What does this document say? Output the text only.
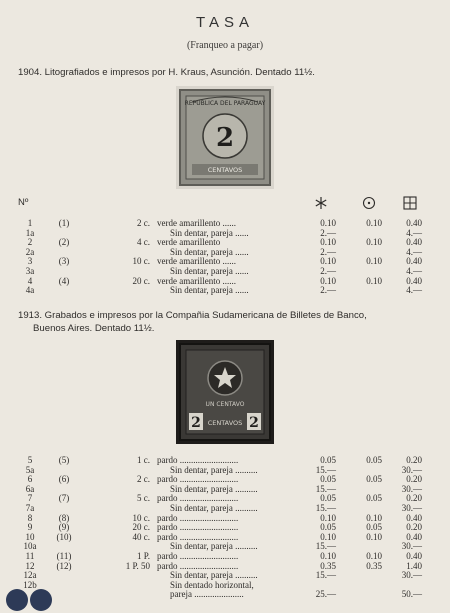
TASA
(Franqueo a pagar)
1904. Litografiados e impresos por H. Kraus, Asunción. Dentado 11½.
REPUBLICA DEL PARAGUAY
2
CENTAVOS
Nº
1	(1)	2 c. verde amarillento ......	0.10	0.10	0.40
1a	Sin dentar, pareja ......	2.—	4.—
2	(2)	4 c. verde amarillento	0.10	0.10	0.40
2a	Sin dentar, pareja ......	2.—	4.—
3	(3)	10 c. verde amarillento ......	0.10	0.10	0.40
3a	Sin dentar, pareja ......	2.—	4.—
4	(4)	20 c. verde amarillento ......	0.10	0.10	0.40
4a	Sin dentar, pareja ......	2.—	4.—
1913. Grabados e impresos por la Compañia Sudamericana de Billetes de Banco,
Buenos Aires. Dentado 11½.
UN CENTAVO
2	2
CENTAVOS
5	(5)	1 c. pardo ..........................	0.05	0.05	0.20
5a	Sin dentar, pareja ..........	15.—	30.—
6	(6)	2 c. pardo ..........................	0.05	0.05	0.20
6a	Sin dentar, pareja ..........	15.—	30.—
7	(7)	5 c. pardo ..........................	0.05	0.05	0.20
7a	Sin dentar, pareja ..........	15.—	30.—
8	(8)	10 c. pardo ..........................	0.10	0.10	0.40
9	(9)	20 c. pardo ..........................	0.05	0.05	0.20
10	(10)	40 c. pardo ..........................	0.10	0.10	0.40
10a	Sin dentar, pareja ..........	15.—	30.—
11	(11)	1 P. pardo ..........................	0.10	0.10	0.40
12	(12)	1 P. 50 pardo ..........................	0.35	0.35	1.40
12a	Sin dentar, pareja ..........	15.—	30.—
12b	Sin dentado horizontal,
pareja ......................	25.—	50.—
